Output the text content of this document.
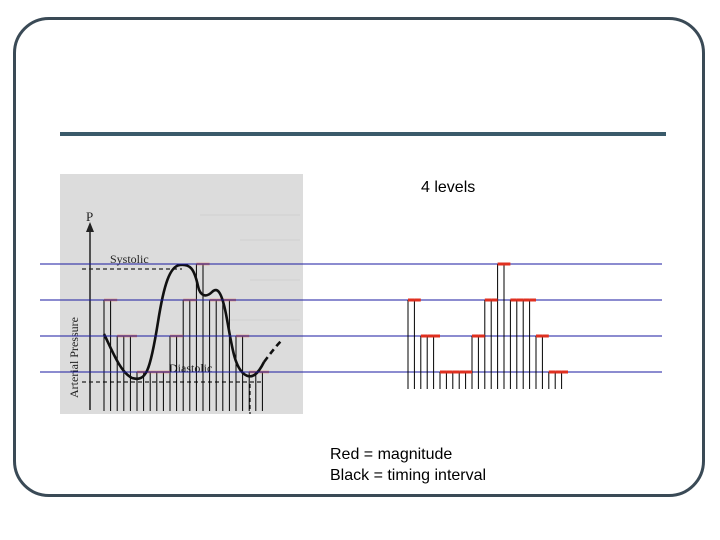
P
Arterial Pressure
Systolic
Diastolic
4 levels
Red = magnitude
Black = timing interval
